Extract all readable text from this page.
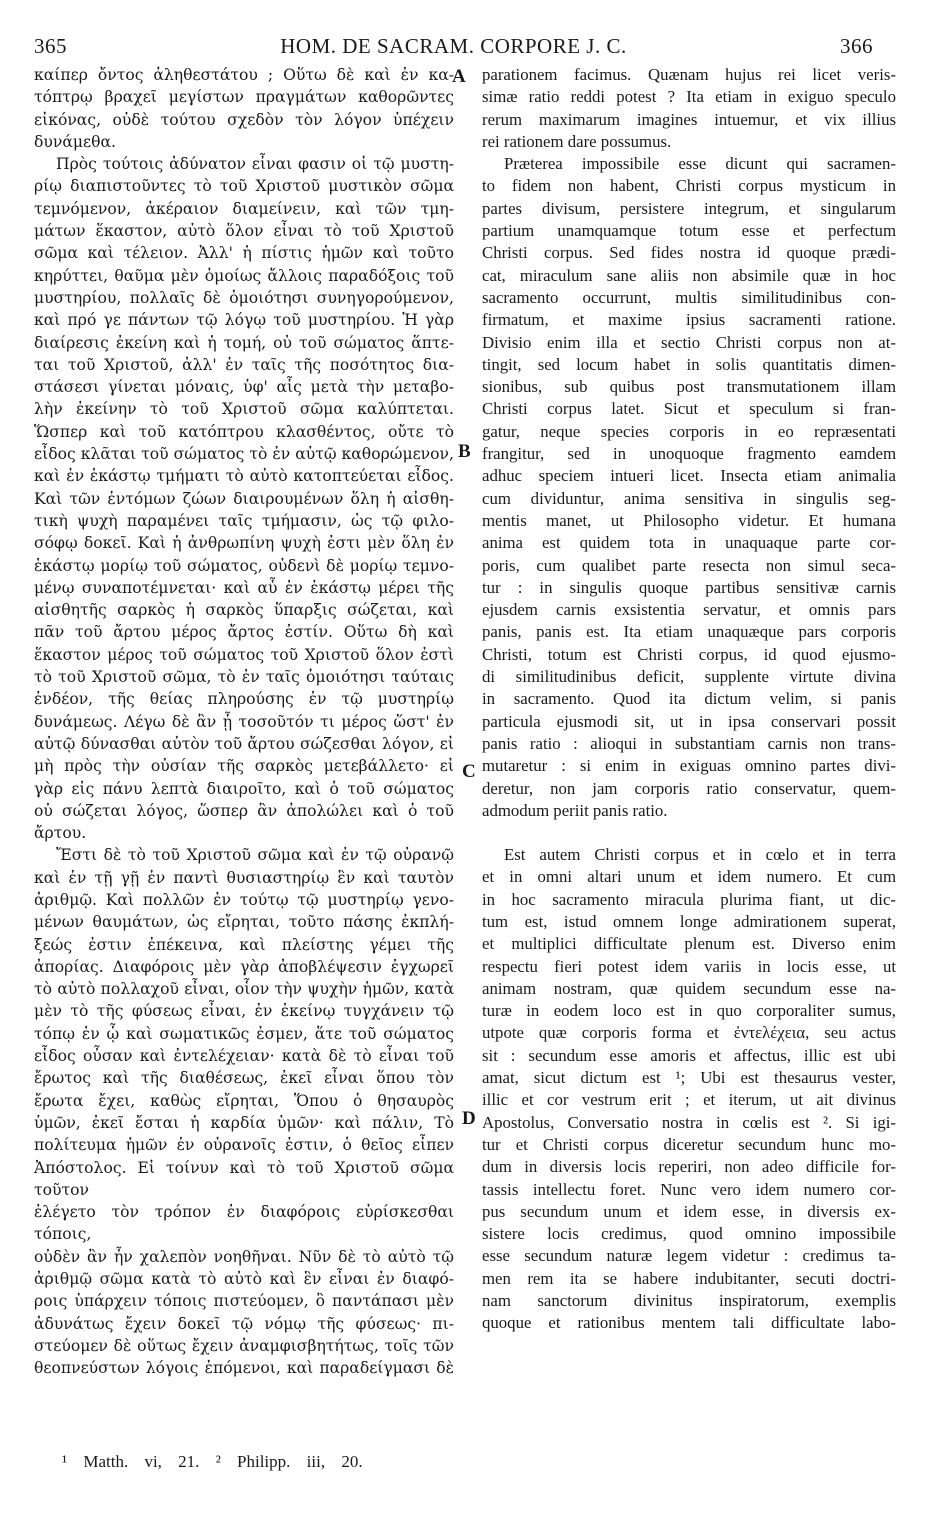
365	HOM. DE SACRAM. CORPORE J. C.	366
A
B
C
D
καίπερ ὄντος ἀληθεστάτου ; Οὕτω δὲ καὶ ἐν κα-
τόπτρῳ βραχεῖ μεγίστων πραγμάτων καθορῶντες
εἰκόνας, οὐδὲ τούτου σχεδὸν τὸν λόγον ὑπέχειν
δυνάμεθα.
Πρὸς τούτοις ἀδύνατον εἶναι φασιν οἱ τῷ μυστη-
ρίῳ διαπιστοῦντες τὸ τοῦ Χριστοῦ μυστικὸν σῶμα
τεμνόμενον, ἀκέραιον διαμείνειν, καὶ τῶν τμη-
μάτων ἕκαστον, αὐτὸ ὅλον εἶναι τὸ τοῦ Χριστοῦ
σῶμα καὶ τέλειον. Ἀλλ' ἡ πίστις ἡμῶν καὶ τοῦτο
κηρύττει, θαῦμα μὲν ὁμοίως ἄλλοις παραδόξοις τοῦ
μυστηρίου, πολλαῖς δὲ ὁμοιότησι συνηγορούμενον,
καὶ πρό γε πάντων τῷ λόγῳ τοῦ μυστηρίου. Ἡ γὰρ
διαίρεσις ἐκείνη καὶ ἡ τομή, οὐ τοῦ σώματος ἅπτε-
ται τοῦ Χριστοῦ, ἀλλ' ἐν ταῖς τῆς ποσότητος δια-
στάσεσι γίνεται μόναις, ὑφ' αἷς μετὰ τὴν μεταβο-
λὴν ἐκείνην τὸ τοῦ Χριστοῦ σῶμα καλύπτεται.
Ὥσπερ καὶ τοῦ κατόπτρου κλασθέντος, οὔτε τὸ
εἶδος κλᾶται τοῦ σώματος τὸ ἐν αὐτῷ καθορώμενον,
καὶ ἐν ἑκάστῳ τμήματι τὸ αὐτὸ κατοπτεύεται εἶδος.
Καὶ τῶν ἐντόμων ζώων διαιρουμένων ὅλη ἡ αἰσθη-
τικὴ ψυχὴ παραμένει ταῖς τμήμασιν, ὡς τῷ φιλο-
σόφῳ δοκεῖ. Καὶ ἡ ἀνθρωπίνη ψυχὴ ἐστι μὲν ὅλη ἐν
ἑκάστῳ μορίῳ τοῦ σώματος, οὐδενὶ δὲ μορίῳ τεμνο-
μένῳ συναποτέμνεται· καὶ αὖ ἐν ἑκάστῳ μέρει τῆς
αἰσθητῆς σαρκὸς ἡ σαρκὸς ὕπαρξις σώζεται, καὶ
πᾶν τοῦ ἄρτου μέρος ἄρτος ἐστίν. Οὕτω δὴ καὶ
ἕκαστον μέρος τοῦ σώματος τοῦ Χριστοῦ ὅλον ἐστὶ
τὸ τοῦ Χριστοῦ σῶμα, τὸ ἐν ταῖς ὁμοιότησι ταύταις
ἐνδέον, τῆς θείας πληρούσης ἐν τῷ μυστηρίῳ
δυνάμεως. Λέγω δὲ ἂν ᾖ τοσοῦτόν τι μέρος ὥστ' ἐν
αὐτῷ δύνασθαι αὐτὸν τοῦ ἄρτου σώζεσθαι λόγον, εἰ
μὴ πρὸς τὴν οὐσίαν τῆς σαρκὸς μετεβάλλετο· εἰ
γὰρ εἰς πάνυ λεπτὰ διαιροῖτο, καὶ ὁ τοῦ σώματος
οὐ σώζεται λόγος, ὥσπερ ἂν ἀπολώλει καὶ ὁ τοῦ
ἄρτου.
Ἔστι δὲ τὸ τοῦ Χριστοῦ σῶμα καὶ ἐν τῷ οὐρανῷ
καὶ ἐν τῇ γῇ ἐν παντὶ θυσιαστηρίῳ ἓν καὶ ταυτὸν
ἀριθμῷ. Καὶ πολλῶν ἐν τούτῳ τῷ μυστηρίῳ γενο-
μένων θαυμάτων, ὡς εἴρηται, τοῦτο πάσης ἐκπλή-
ξεώς ἐστιν ἐπέκεινα, καὶ πλείστης γέμει τῆς
ἀπορίας. Διαφόροις μὲν γὰρ ἀποβλέψεσιν ἐγχωρεῖ
τὸ αὐτὸ πολλαχοῦ εἶναι, οἷον τὴν ψυχὴν ἡμῶν, κατὰ
μὲν τὸ τῆς φύσεως εἶναι, ἐν ἐκείνῳ τυγχάνειν τῷ
τόπῳ ἐν ᾧ καὶ σωματικῶς ἐσμεν, ἅτε τοῦ σώματος
εἶδος οὖσαν καὶ ἐντελέχειαν· κατὰ δὲ τὸ εἶναι τοῦ
ἔρωτος καὶ τῆς διαθέσεως, ἐκεῖ εἶναι ὅπου τὸν
ἔρωτα ἔχει, καθὼς εἴρηται, Ὅπου ὁ θησαυρὸς
ὑμῶν, ἐκεῖ ἔσται ἡ καρδία ὑμῶν· καὶ πάλιν, Τὸ
πολίτευμα ἡμῶν ἐν οὐρανοῖς ἐστιν, ὁ θεῖος εἶπεν
Ἀπόστολος. Εἰ τοίνυν καὶ τὸ τοῦ Χριστοῦ σῶμα τοῦτον
ἐλέγετο τὸν τρόπον ἐν διαφόροις εὑρίσκεσθαι τόποις,
οὐδὲν ἂν ἦν χαλεπὸν νοηθῆναι. Νῦν δὲ τὸ αὐτὸ τῷ
ἀριθμῷ σῶμα κατὰ τὸ αὐτὸ καὶ ἓν εἶναι ἐν διαφό-
ροις ὑπάρχειν τόποις πιστεύομεν, ὃ παντάπασι μὲν
ἀδυνάτως ἔχειν δοκεῖ τῷ νόμῳ τῆς φύσεως· πι-
στεύομεν δὲ οὕτως ἔχειν ἀναμφισβητήτως, τοῖς τῶν
θεοπνεύστων λόγοις ἑπόμενοι, καὶ παραδείγμασι δὲ
parationem facimus. Quænam hujus rei licet veris-
simæ ratio reddi potest ? Ita etiam in exiguo speculo
rerum maximarum imagines intuemur, et vix illius
rei rationem dare possumus.
Præterea impossibile esse dicunt qui sacramen-
to fidem non habent, Christi corpus mysticum in
partes divisum, persistere integrum, et singularum
partium unamquamque totum esse et perfectum
Christi corpus. Sed fides nostra id quoque prædi-
cat, miraculum sane aliis non absimile quæ in hoc
sacramento occurrunt, multis similitudinibus con-
firmatum, et maxime ipsius sacramenti ratione.
Divisio enim illa et sectio Christi corpus non at-
tingit, sed locum habet in solis quantitatis dimen-
sionibus, sub quibus post transmutationem illam
Christi corpus latet. Sicut et speculum si fran-
gatur, neque species corporis in eo repræsentati
frangitur, sed in unoquoque fragmento eamdem
adhuc speciem intueri licet. Insecta etiam animalia
cum dividuntur, anima sensitiva in singulis seg-
mentis manet, ut Philosopho videtur. Et humana
anima est quidem tota in unaquaque parte cor-
poris, cum qualibet parte resecta non simul seca-
tur : in singulis quoque partibus sensitivæ carnis
ejusdem carnis exsistentia servatur, et omnis pars
panis, panis est. Ita etiam unaquæque pars corporis
Christi, totum est Christi corpus, id quod ejusmo-
di similitudinibus deficit, supplente virtute divina
in sacramento. Quod ita dictum velim, si panis
particula ejusmodi sit, ut in ipsa conservari possit
panis ratio : alioqui in substantiam carnis non trans-
mutaretur : si enim in exiguas omnino partes divi-
deretur, non jam corporis ratio conservatur, quem-
admodum periit panis ratio.
Est autem Christi corpus et in cœlo et in terra
et in omni altari unum et idem numero. Et cum
in hoc sacramento miracula plurima fiant, ut dic-
tum est, istud omnem longe admirationem superat,
et multiplici difficultate plenum est. Diverso enim
respectu fieri potest idem variis in locis esse, ut
animam nostram, quæ quidem secundum esse na-
turæ in eodem loco est in quo corporaliter sumus,
utpote quæ corporis forma et ἐντελέχεια, seu actus
sit : secundum esse amoris et affectus, illic est ubi
amat, sicut dictum est ¹; Ubi est thesaurus vester,
illic et cor vestrum erit ; et iterum, ut ait divinus
Apostolus, Conversatio nostra in cœlis est ². Si igi-
tur et Christi corpus diceretur secundum hunc mo-
dum in diversis locis reperiri, non adeo difficile for-
tassis intellectu foret. Nunc vero idem numero cor-
pus secundum unum et idem esse, in diversis ex-
sistere locis credimus, quod omnino impossibile
esse secundum naturæ legem videtur : credimus ta-
men rem ita se habere indubitanter, secuti doctri-
nam sanctorum divinitus inspiratorum, exemplis
quoque et rationibus mentem tali difficultate labo-
¹ Matth. vi, 21. ² Philipp. iii, 20.
